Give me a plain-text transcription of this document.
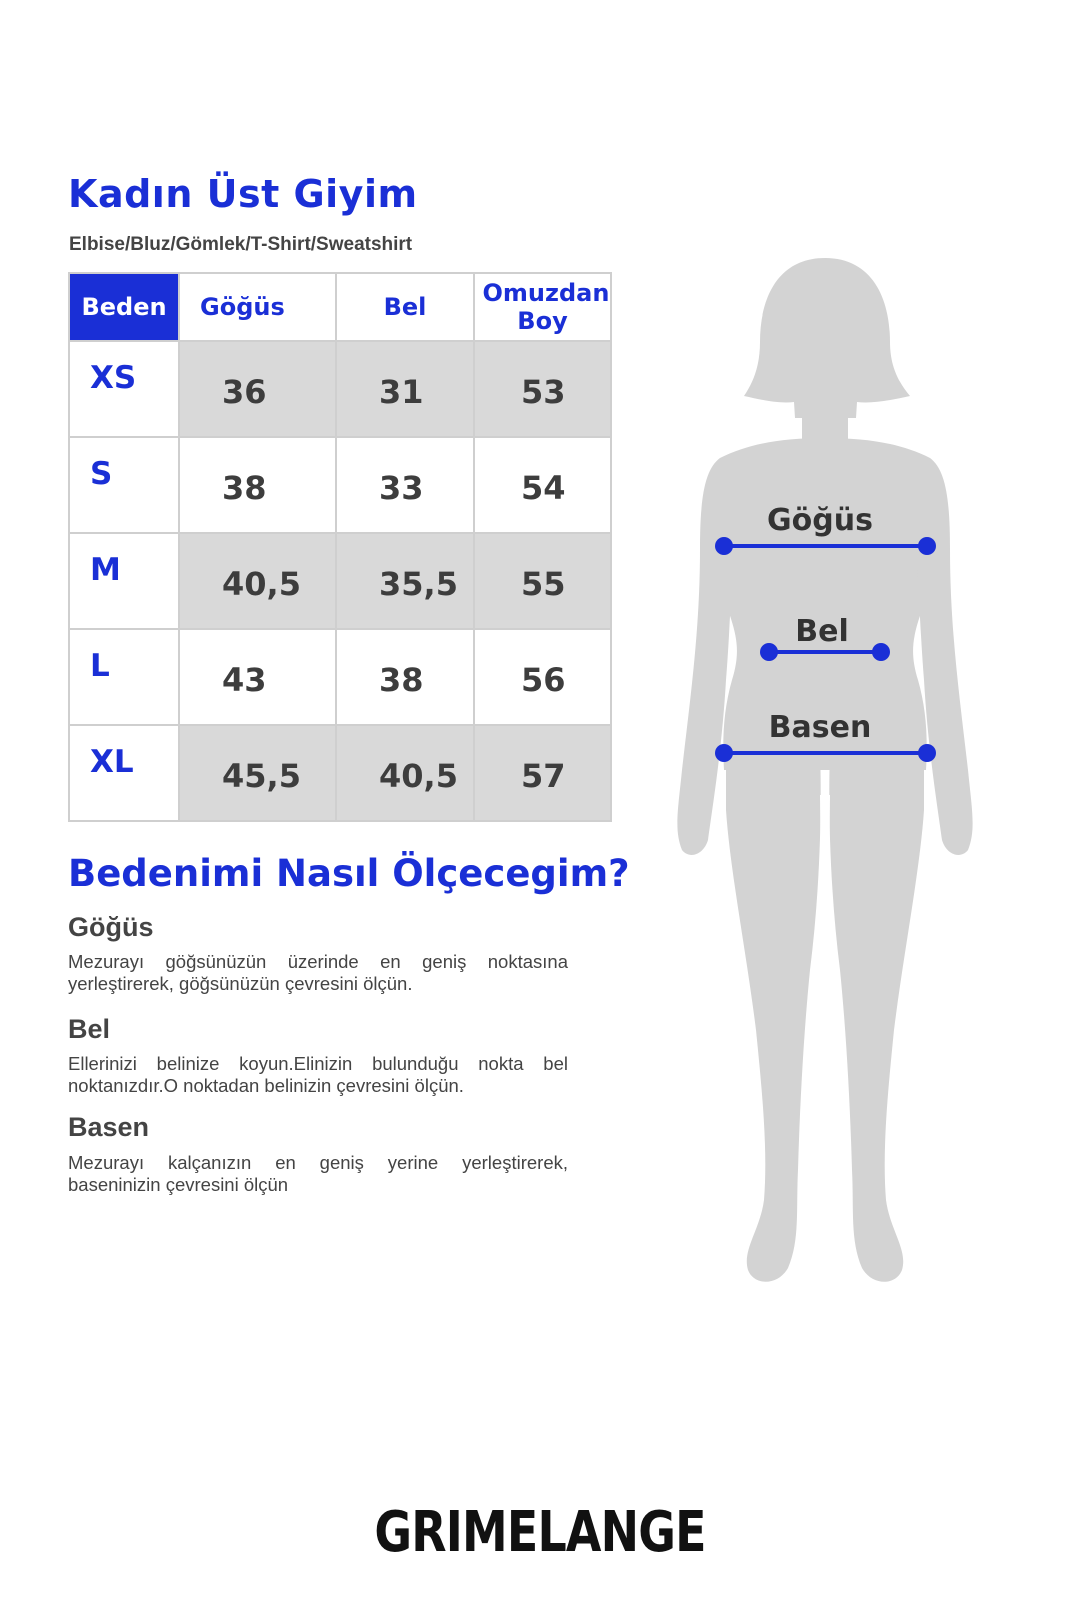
Kadın Üst Giyim

Elbise/Bluz/Gömlek/T-Shirt/Sweatshirt

Beden	Göğüs	Bel	Omuzdan Boy
XS	36	31	53
S	38	33	54
M	40,5	35,5	55
L	43	38	56
XL	45,5	40,5	57
Bedenimi Nasıl Ölçecegim?
Göğüs

Mezurayı göğsünüzün üzerinde en geniş noktasına yerleştirerek, göğsünüzün çevresini ölçün.

Bel

Ellerinizi belinize koyun.Elinizin bulunduğu nokta bel noktanızdır.O noktadan belinizin çevresini ölçün.

Basen

Mezurayı kalçanızın en geniş yerine yerleştirerek, baseninizin çevresini ölçün

Göğüs
Bel
Basen
GRIMELANGE
